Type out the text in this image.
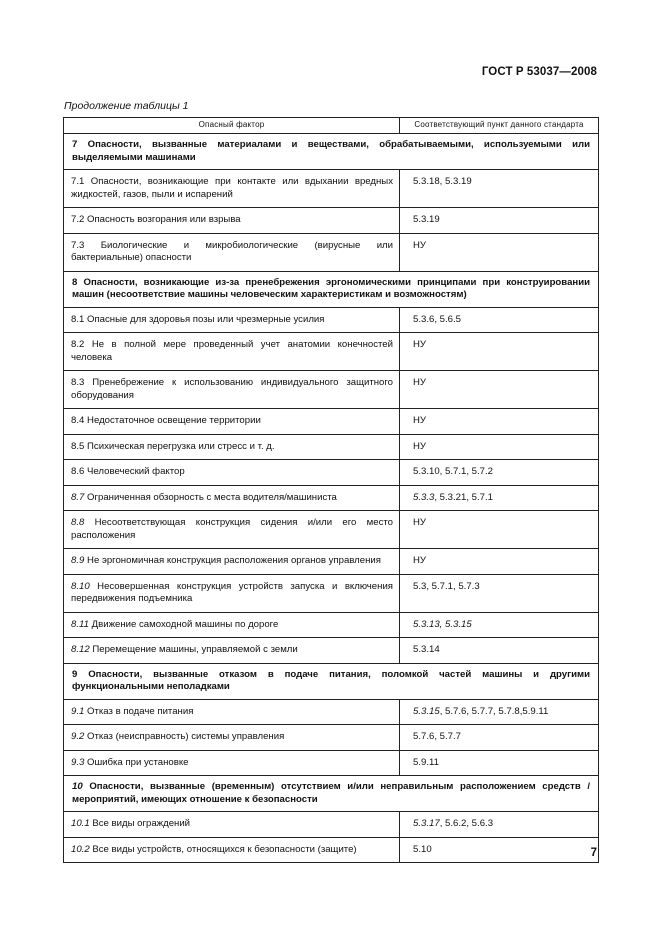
ГОСТ Р 53037—2008
Продолжение таблицы 1
Опасный фактор	Соответствующий пункт данного стандарта
7 Опасности, вызванные материалами и веществами, обрабатываемыми, используемыми или выделяемыми машинами	
7.1 Опасности, возникающие при контакте или вдыхании вредных жидкостей, газов, пыли и испарений	5.3.18, 5.3.19
7.2 Опасность возгорания или взрыва	5.3.19
7.3 Биологические и микробиологические (вирусные или бактериальные) опасности	НУ
8 Опасности, возникающие из-за пренебрежения эргономическими принципами при конструировании машин (несоответствие машины человеческим характеристикам и возможностям)	
8.1 Опасные для здоровья позы или чрезмерные усилия	5.3.6, 5.6.5
8.2 Не в полной мере проведенный учет анатомии конечностей человека	НУ
8.3 Пренебрежение к использованию индивидуального защитного оборудования	НУ
8.4 Недостаточное освещение территории	НУ
8.5 Психическая перегрузка или стресс и т. д.	НУ
8.6 Человеческий фактор	5.3.10, 5.7.1, 5.7.2
8.7 Ограниченная обзорность с места водителя/машиниста	5.3.3, 5.3.21, 5.7.1
8.8 Несоответствующая конструкция сидения и/или его место расположения	НУ
8.9 Не эргономичная конструкция расположения органов управления	НУ
8.10 Несовершенная конструкция устройств запуска и включения передвижения подъемника	5.3, 5.7.1, 5.7.3
8.11 Движение самоходной машины по дороге	5.3.13, 5.3.15
8.12 Перемещение машины, управляемой с земли	5.3.14
9 Опасности, вызванные отказом в подаче питания, поломкой частей машины и другими функциональными неполадками	
9.1 Отказ в подаче питания	5.3.15, 5.7.6, 5.7.7, 5.7.8,5.9.11
9.2 Отказ (неисправность) системы управления	5.7.6, 5.7.7
9.3 Ошибка при установке	5.9.11
10 Опасности, вызванные (временным) отсутствием и/или неправильным расположением средств / мероприятий, имеющих отношение к безопасности	
10.1 Все виды ограждений	5.3.17, 5.6.2, 5.6.3
10.2 Все виды устройств, относящихся к безопасности (защите)	5.10	7
